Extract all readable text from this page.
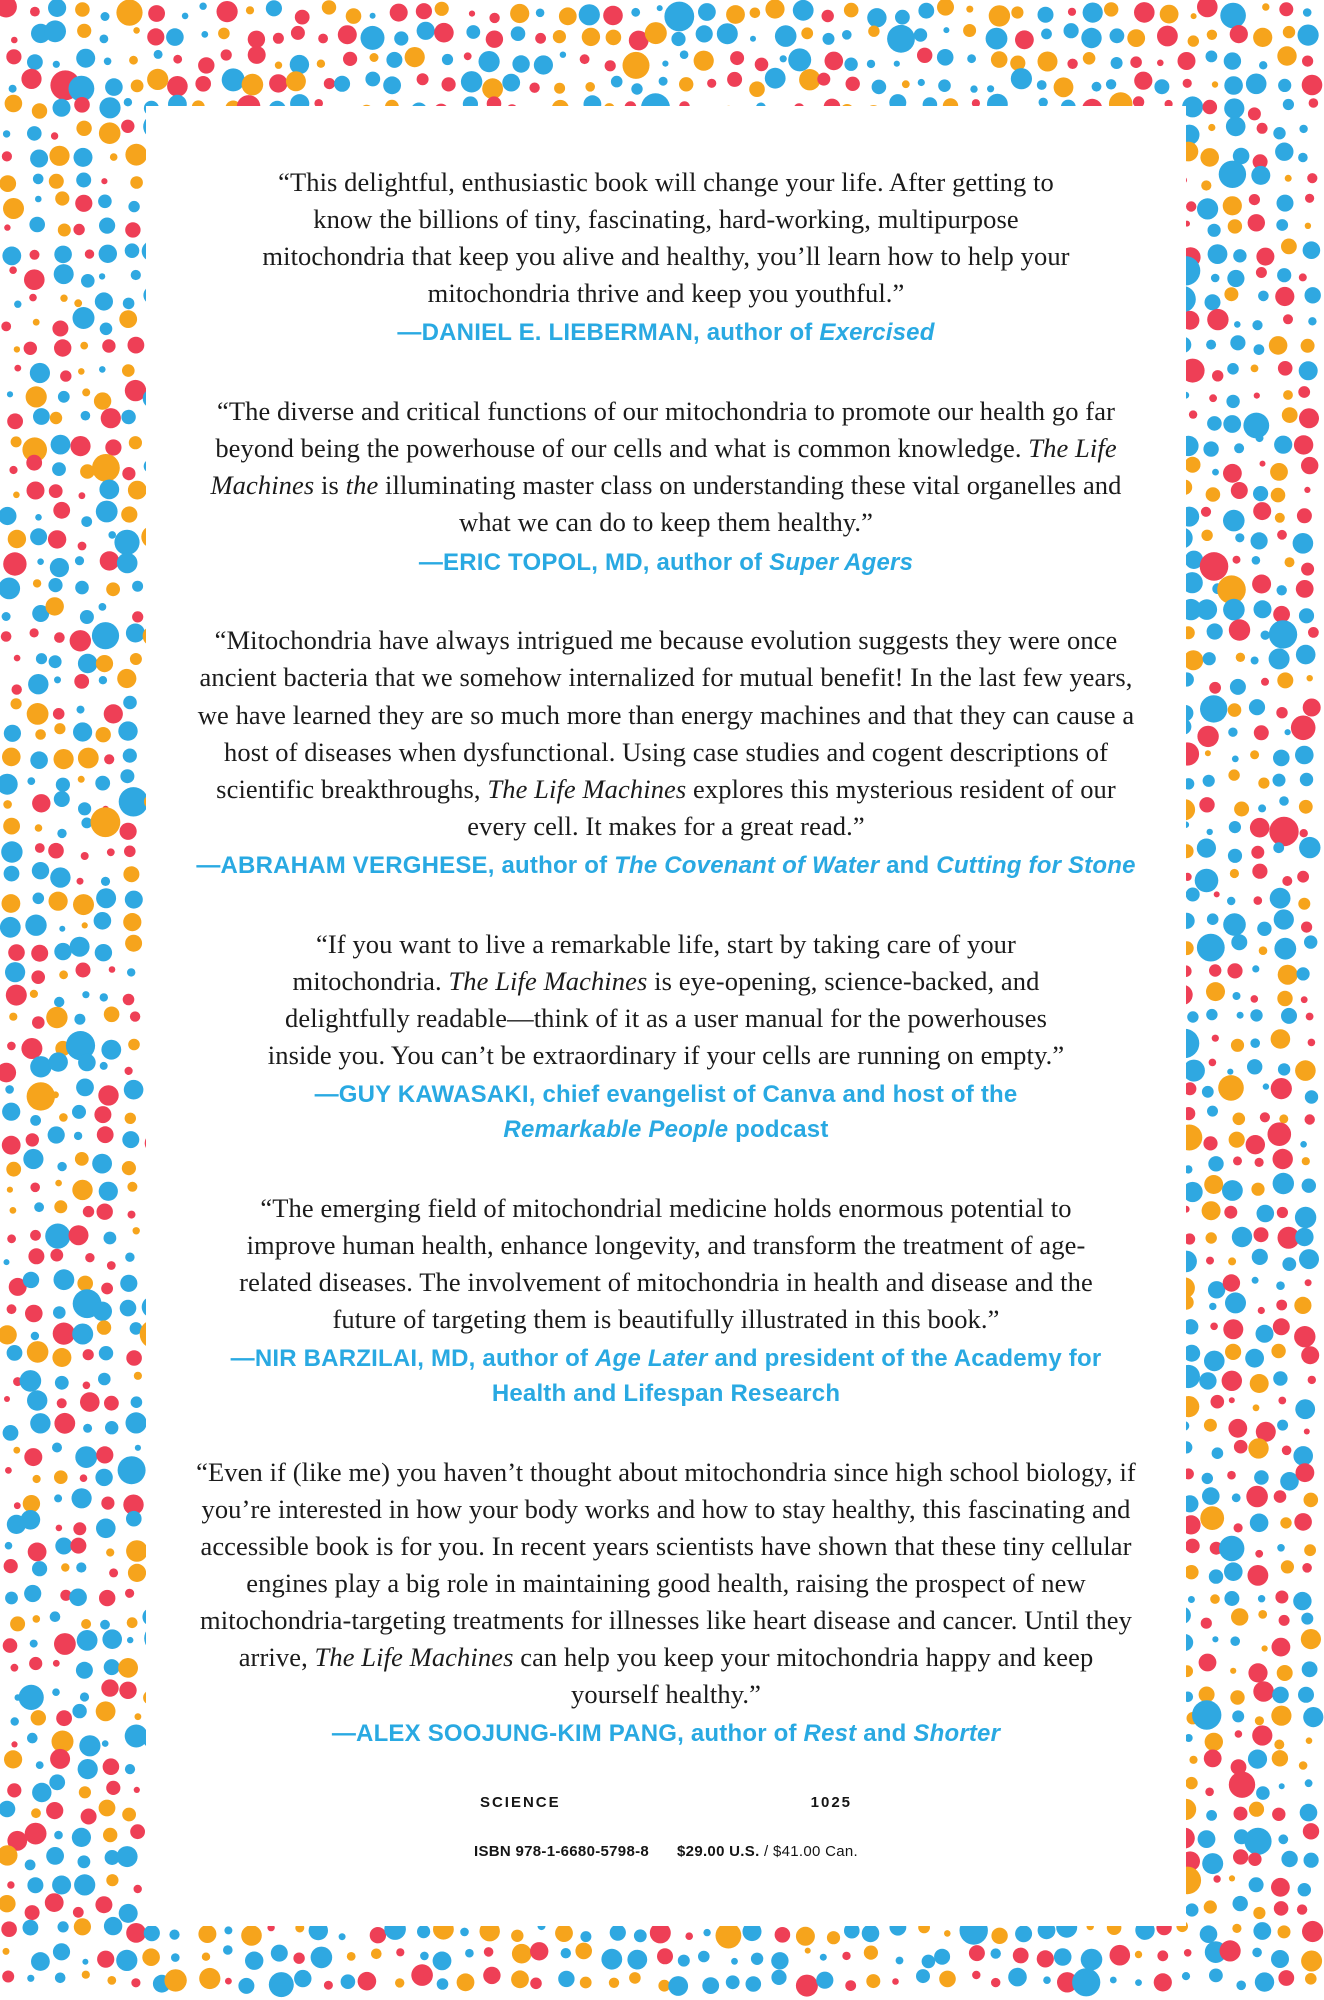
“This delightful, enthusiastic book will change your life. After getting to know the billions of tiny, fascinating, hard-working, multipurpose mitochondria that keep you alive and healthy, you’ll learn how to help your mitochondria thrive and keep you youthful.”
—DANIEL E. LIEBERMAN, author of Exercised
“The diverse and critical functions of our mitochondria to promote our health go far beyond being the powerhouse of our cells and what is common knowledge. The Life Machines is the illuminating master class on understanding these vital organelles and what we can do to keep them healthy.”
—ERIC TOPOL, MD, author of Super Agers
“Mitochondria have always intrigued me because evolution suggests they were once ancient bacteria that we somehow internalized for mutual benefit! In the last few years, we have learned they are so much more than energy machines and that they can cause a host of diseases when dysfunctional. Using case studies and cogent descriptions of scientific breakthroughs, The Life Machines explores this mysterious resident of our every cell. It makes for a great read.”
—ABRAHAM VERGHESE, author of The Covenant of Water and Cutting for Stone
“If you want to live a remarkable life, start by taking care of your mitochondria. The Life Machines is eye-opening, science-backed, and delightfully readable—think of it as a user manual for the powerhouses inside you. You can’t be extraordinary if your cells are running on empty.”
—GUY KAWASAKI, chief evangelist of Canva and host of the Remarkable People podcast
“The emerging field of mitochondrial medicine holds enormous potential to improve human health, enhance longevity, and transform the treatment of age-related diseases. The involvement of mitochondria in health and disease and the future of targeting them is beautifully illustrated in this book.”
—NIR BARZILAI, MD, author of Age Later and president of the Academy for Health and Lifespan Research
“Even if (like me) you haven’t thought about mitochondria since high school biology, if you’re interested in how your body works and how to stay healthy, this fascinating and accessible book is for you. In recent years scientists have shown that these tiny cellular engines play a big role in maintaining good health, raising the prospect of new mitochondria-targeting treatments for illnesses like heart disease and cancer. Until they arrive, The Life Machines can help you keep your mitochondria happy and keep yourself healthy.”
—ALEX SOOJUNG-KIM PANG, author of Rest and Shorter
SCIENCE	1025
ISBN 978-1-6680-5798-8 $29.00 U.S. / $41.00 Can.
